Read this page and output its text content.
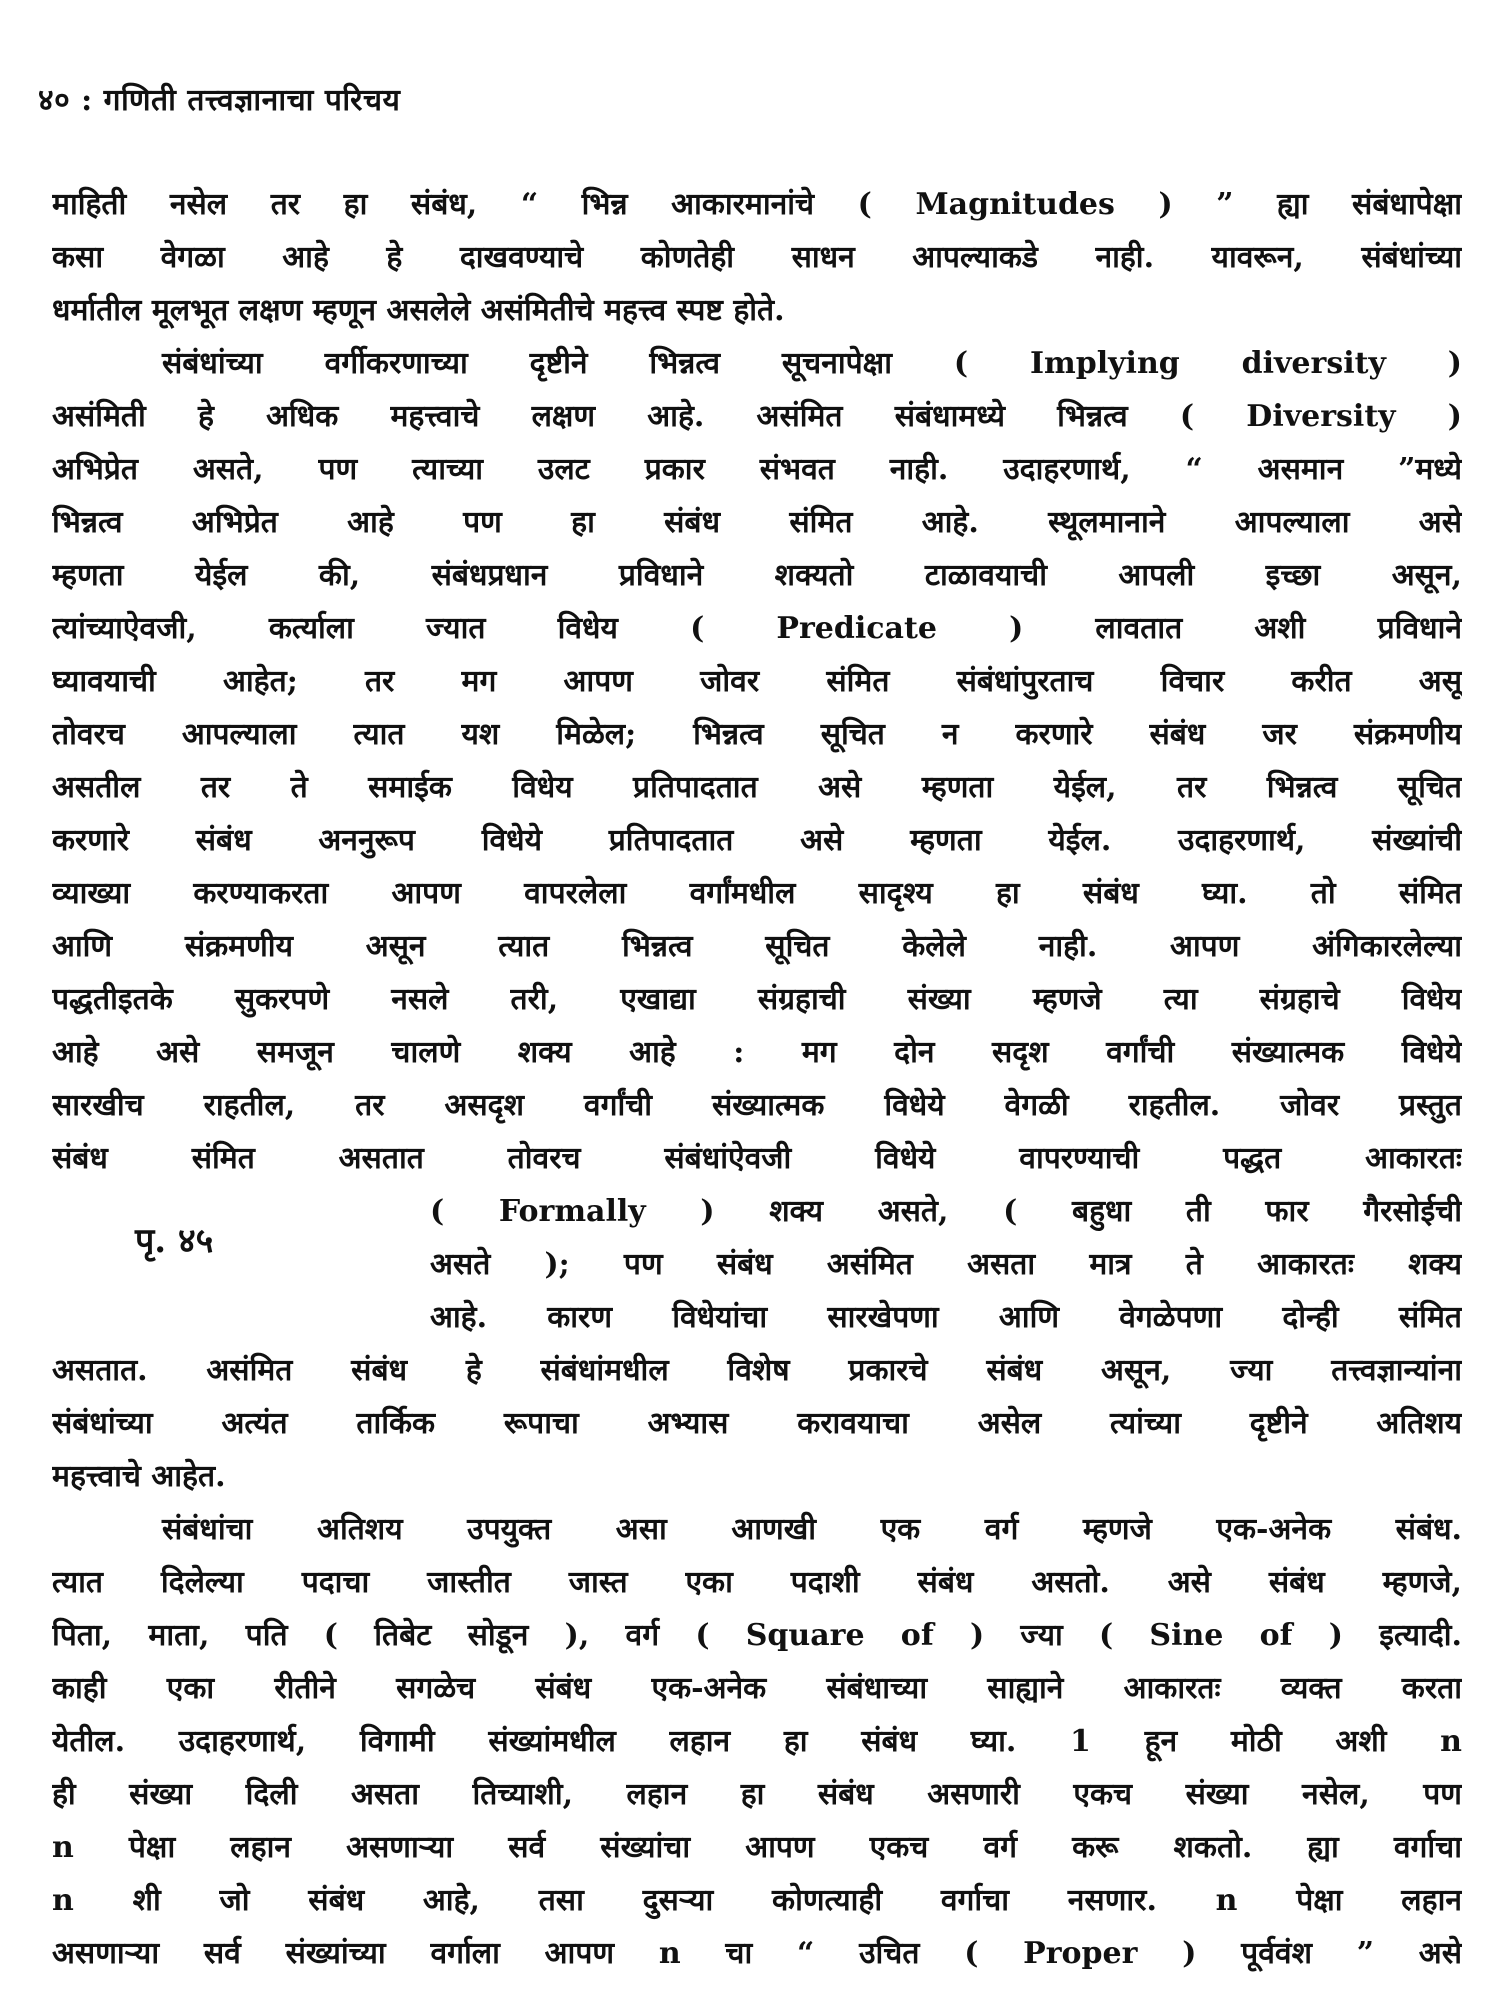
४० : गणिती तत्त्वज्ञानाचा परिचय
पृ. ४५
माहिती नसेल तर हा संबंध, “ भिन्न आकारमानांचे ( Magnitudes ) ” ह्या संबंधापेक्षा
कसा वेगळा आहे हे दाखवण्याचे कोणतेही साधन आपल्याकडे नाही. यावरून, संबंधांच्या
धर्मातील मूलभूत लक्षण म्हणून असलेले असंमितीचे महत्त्व स्पष्ट होते.
संबंधांच्या वर्गीकरणाच्या दृष्टीने भिन्नत्व सूचनापेक्षा ( Implying diversity )
असंमिती हे अधिक महत्त्वाचे लक्षण आहे. असंमित संबंधामध्ये भिन्नत्व ( Diversity )
अभिप्रेत असते, पण त्याच्या उलट प्रकार संभवत नाही. उदाहरणार्थ, “ असमान ”मध्ये
भिन्नत्व अभिप्रेत आहे पण हा संबंध संमित आहे. स्थूलमानाने आपल्याला असे
म्हणता येईल की, संबंधप्रधान प्रविधाने शक्यतो टाळावयाची आपली इच्छा असून,
त्यांच्याऐवजी, कर्त्याला ज्यात विधेय ( Predicate ) लावतात अशी प्रविधाने
घ्यावयाची आहेत; तर मग आपण जोवर संमित संबंधांपुरताच विचार करीत असू
तोवरच आपल्याला त्यात यश मिळेल; भिन्नत्व सूचित न करणारे संबंध जर संक्रमणीय
असतील तर ते समाईक विधेय प्रतिपादतात असे म्हणता येईल, तर भिन्नत्व सूचित
करणारे संबंध अननुरूप विधेये प्रतिपादतात असे म्हणता येईल. उदाहरणार्थ, संख्यांची
व्याख्या करण्याकरता आपण वापरलेला वर्गांमधील सादृश्य हा संबंध घ्या. तो संमित
आणि संक्रमणीय असून त्यात भिन्नत्व सूचित केलेले नाही. आपण अंगिकारलेल्या
पद्धतीइतके सुकरपणे नसले तरी, एखाद्या संग्रहाची संख्या म्हणजे त्या संग्रहाचे विधेय
आहे असे समजून चालणे शक्य आहे : मग दोन सदृश वर्गांची संख्यात्मक विधेये
सारखीच राहतील, तर असदृश वर्गांची संख्यात्मक विधेये वेगळी राहतील. जोवर प्रस्तुत
संबंध संमित असतात तोवरच संबंधांऐवजी विधेये वापरण्याची पद्धत आकारतः
( Formally ) शक्य असते, ( बहुधा ती फार गैरसोईची
असते ); पण संबंध असंमित असता मात्र ते आकारतः शक्य
आहे. कारण विधेयांचा सारखेपणा आणि वेगळेपणा दोन्ही संमित
असतात. असंमित संबंध हे संबंधांमधील विशेष प्रकारचे संबंध असून, ज्या तत्त्वज्ञान्यांना
संबंधांच्या अत्यंत तार्किक रूपाचा अभ्यास करावयाचा असेल त्यांच्या दृष्टीने अतिशय
महत्त्वाचे आहेत.
संबंधांचा अतिशय उपयुक्त असा आणखी एक वर्ग म्हणजे एक-अनेक संबंध.
त्यात दिलेल्या पदाचा जास्तीत जास्त एका पदाशी संबंध असतो. असे संबंध म्हणजे,
पिता, माता, पति ( तिबेट सोडून ), वर्ग ( Square of ) ज्या ( Sine of ) इत्यादी.
काही एका रीतीने सगळेच संबंध एक-अनेक संबंधाच्या साह्याने आकारतः व्यक्त करता
येतील. उदाहरणार्थ, विगामी संख्यांमधील लहान हा संबंध घ्या. 1 हून मोठी अशी n
ही संख्या दिली असता तिच्याशी, लहान हा संबंध असणारी एकच संख्या नसेल, पण
n पेक्षा लहान असणाऱ्या सर्व संख्यांचा आपण एकच वर्ग करू शकतो. ह्या वर्गाचा
n शी जो संबंध आहे, तसा दुसऱ्या कोणत्याही वर्गाचा नसणार. n पेक्षा लहान
असणाऱ्या सर्व संख्यांच्या वर्गाला आपण n चा “ उचित ( Proper ) पूर्ववंश ” असे
